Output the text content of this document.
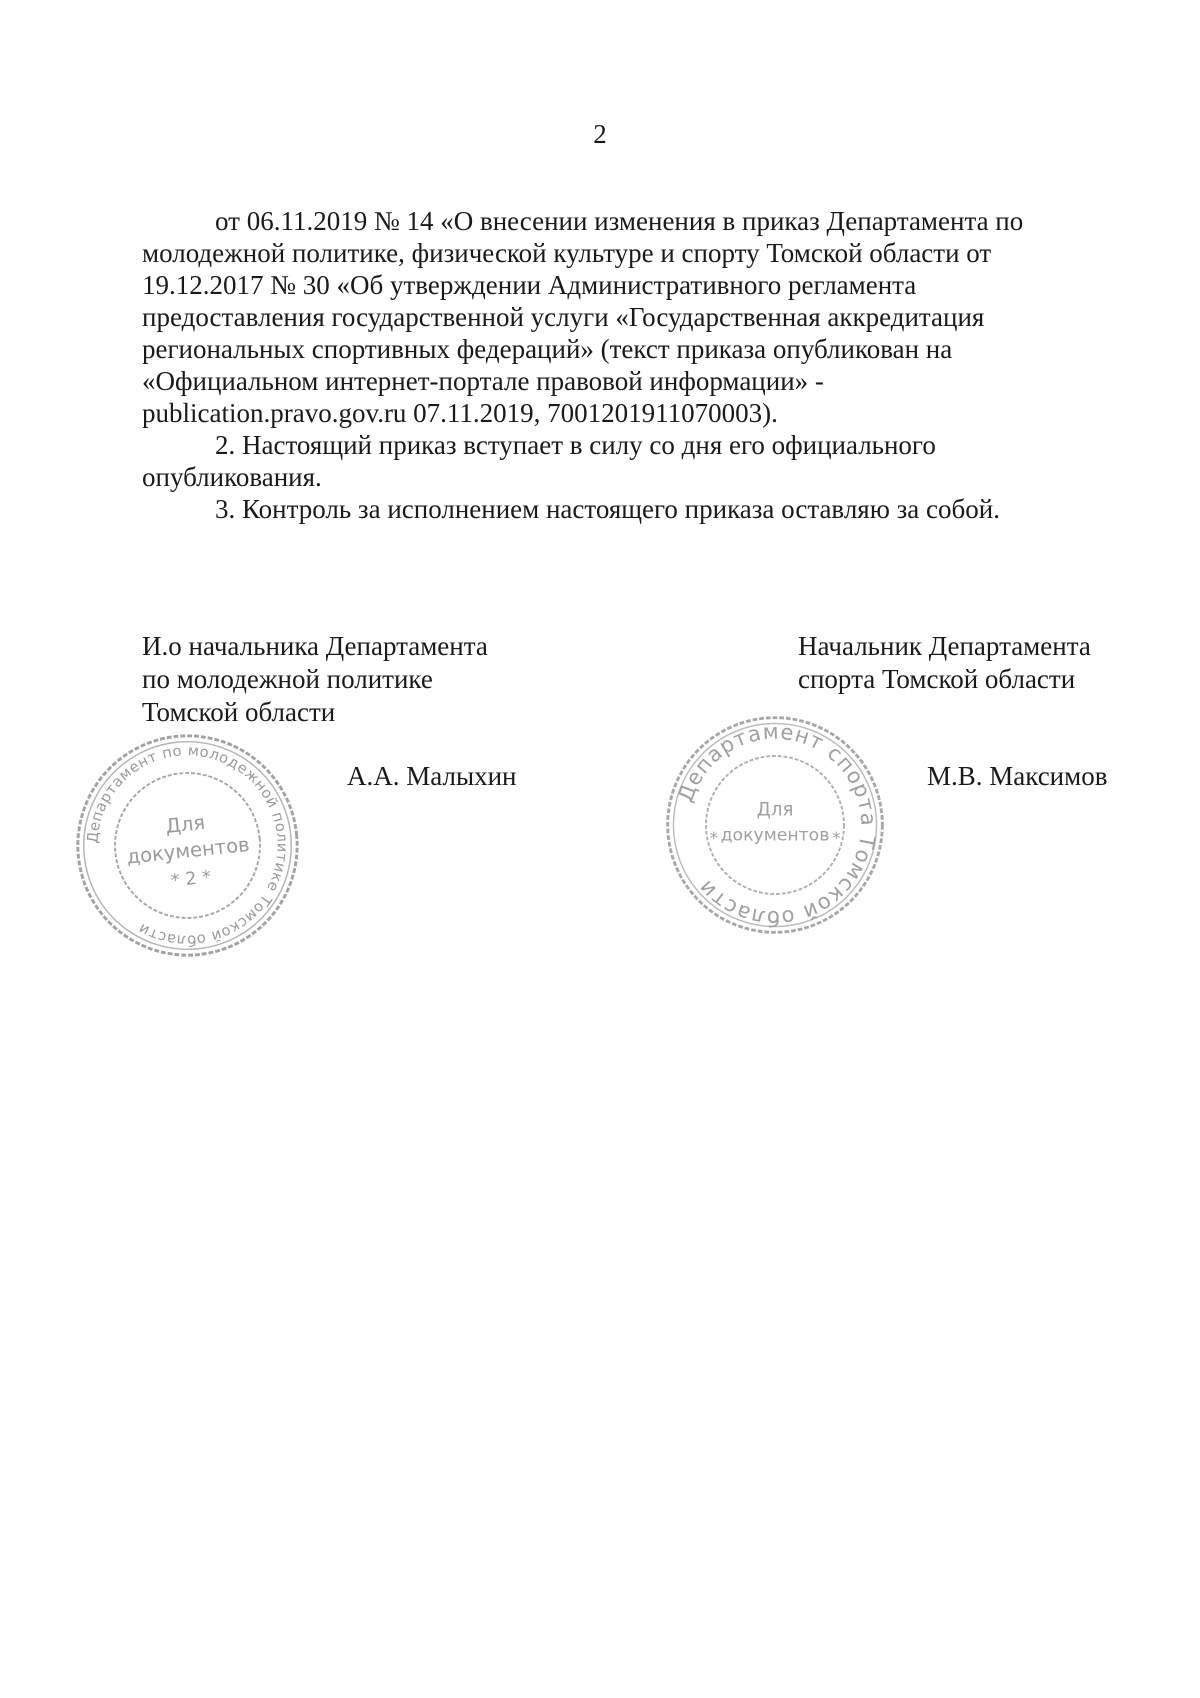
2

от 06.11.2019 № 14 «О внесении изменения в приказ Департамента по

молодежной политике, физической культуре и спорту Томской области от

19.12.2017 № 30 «Об утверждении Административного регламента

предоставления государственной услуги «Государственная аккредитация

региональных спортивных федераций» (текст приказа опубликован на

«Официальном интернет-портале правовой информации» -

publication.pravo.gov.ru 07.11.2019, 7001201911070003).

2. Настоящий приказ вступает в силу со дня его официального

опубликования.

3. Контроль за исполнением настоящего приказа оставляю за собой.

И.о начальника Департамента
по молодежной политике
Томской области
А.А. Малыхин
Начальник Департамента
спорта Томской области
М.В. Максимов
Департамент по молодежной политике Томской области
Для
документов
* 2 *
Департамент спорта Томской области
Для
документов
*	*
